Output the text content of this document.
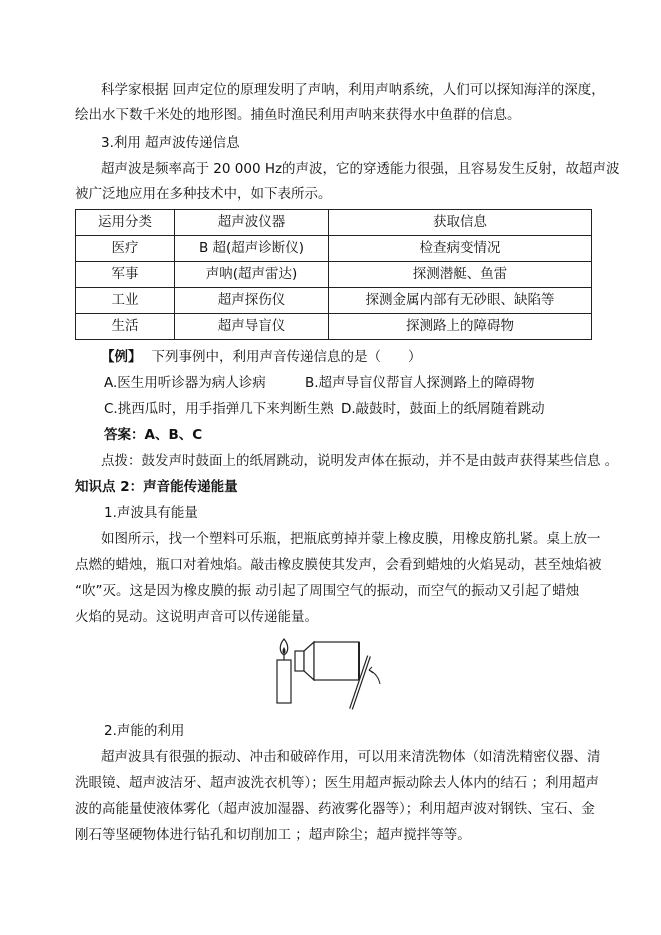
科学家根据 回声定位的原理发明了声呐，利用声呐系统，人们可以探知海洋的深度，
绘出水下数千米处的地形图。捕鱼时渔民利用声呐来获得水中鱼群的信息。
3.利用 超声波传递信息
超声波是频率高于 20 000 Hz的声波，它的穿透能力很强，且容易发生反射，故超声波
被广泛地应用在多种技术中，如下表所示。
运用分类	超声波仪器	获取信息
医疗	B 超(超声诊断仪)	检查病变情况
军事	声呐(超声雷达)	探测潜艇、鱼雷
工业	超声探伤仪	探测金属内部有无砂眼、缺陷等
生活	超声导盲仪	探测路上的障碍物
【例】 下列事例中，利用声音传递信息的是（　　）
A.医生用听诊器为病人诊病	B.超声导盲仪帮盲人探测路上的障碍物
C.挑西瓜时，用手指弹几下来判断生熟 D.敲鼓时，鼓面上的纸屑随着跳动
答案：A、B、C
点拨：鼓发声时鼓面上的纸屑跳动，说明发声体在振动，并不是由鼓声获得某些信息 。
知识点 2：声音能传递能量
1.声波具有能量
如图所示，找一个塑料可乐瓶，把瓶底剪掉并蒙上橡皮膜，用橡皮筋扎紧。桌上放一
点燃的蜡烛，瓶口对着烛焰。敲击橡皮膜使其发声，会看到蜡烛的火焰晃动，甚至烛焰被
“吹”灭。这是因为橡皮膜的振 动引起了周围空气的振动，而空气的振动又引起了蜡烛
火焰的晃动。这说明声音可以传递能量。
2.声能的利用
超声波具有很强的振动、冲击和破碎作用，可以用来清洗物体（如清洗精密仪器、清
洗眼镜、超声波洁牙、超声波洗衣机等）；医生用超声振动除去人体内的结石 ；利用超声
波的高能量使液体雾化（超声波加湿器、药液雾化器等）；利用超声波对钢铁、宝石、金
刚石等坚硬物体进行钻孔和切削加工 ；超声除尘；超声搅拌等等。
